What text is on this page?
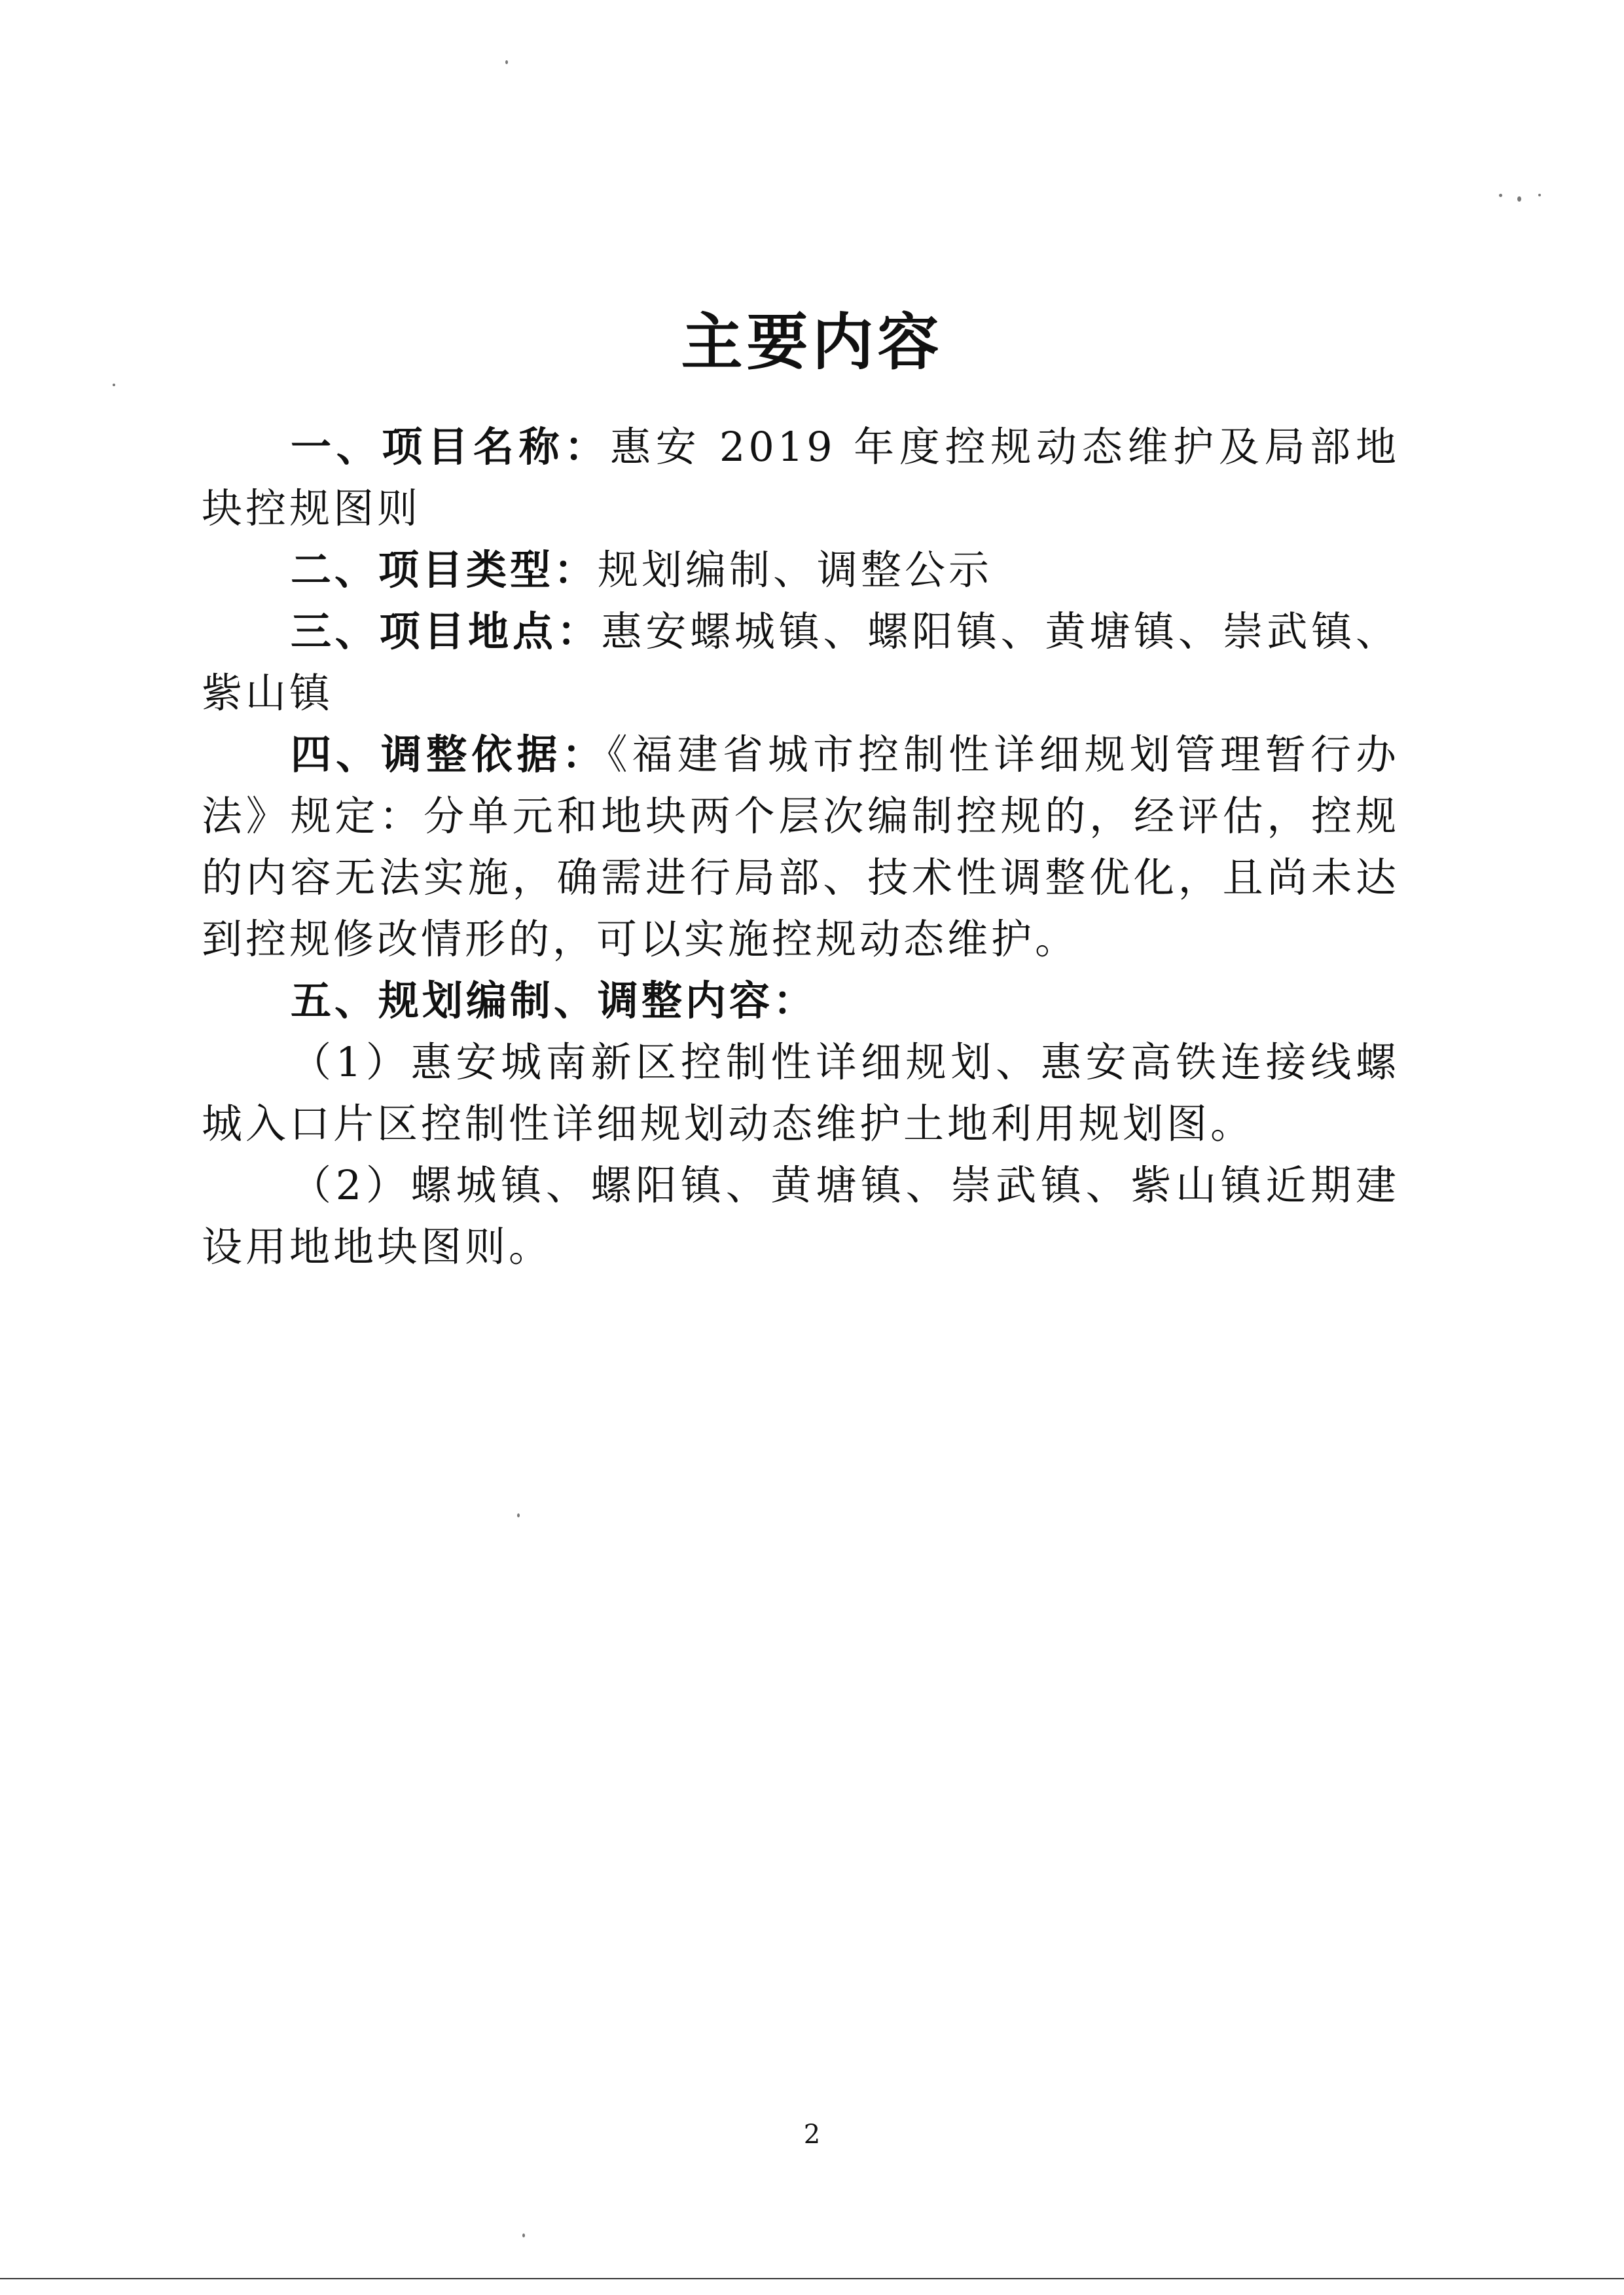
主要内容

一、项目名称：惠安 2019 年度控规动态维护及局部地块控规图则

二、项目类型：规划编制、调整公示

三、项目地点：惠安螺城镇、螺阳镇、黄塘镇、崇武镇、紫山镇

四、调整依据：《福建省城市控制性详细规划管理暂行办法》规定：分单元和地块两个层次编制控规的，经评估，控规的内容无法实施，确需进行局部、技术性调整优化，且尚未达到控规修改情形的，可以实施控规动态维护。

五、规划编制、调整内容：

（1）惠安城南新区控制性详细规划、惠安高铁连接线螺城入口片区控制性详细规划动态维护土地利用规划图。

（2）螺城镇、螺阳镇、黄塘镇、崇武镇、紫山镇近期建设用地地块图则。

2
